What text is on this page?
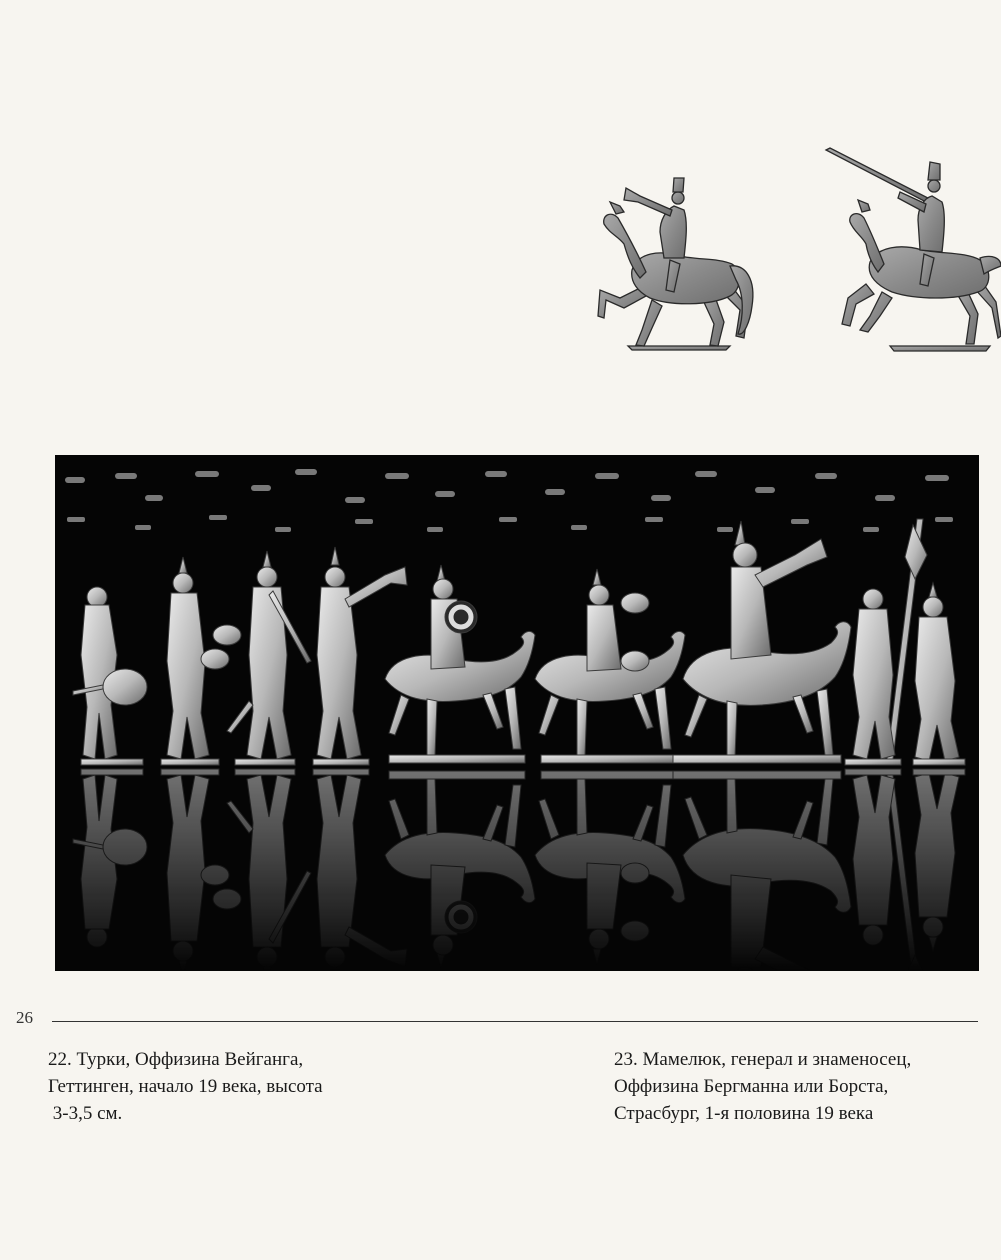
26
22. Турки, Оффизина Вейганга,
Геттинген, начало 19 века, высота
3-3,5 см.
23. Мамелюк, генерал и знаменосец,
Оффизина Бергманна или Борста,
Страсбург, 1-я половина 19 века
